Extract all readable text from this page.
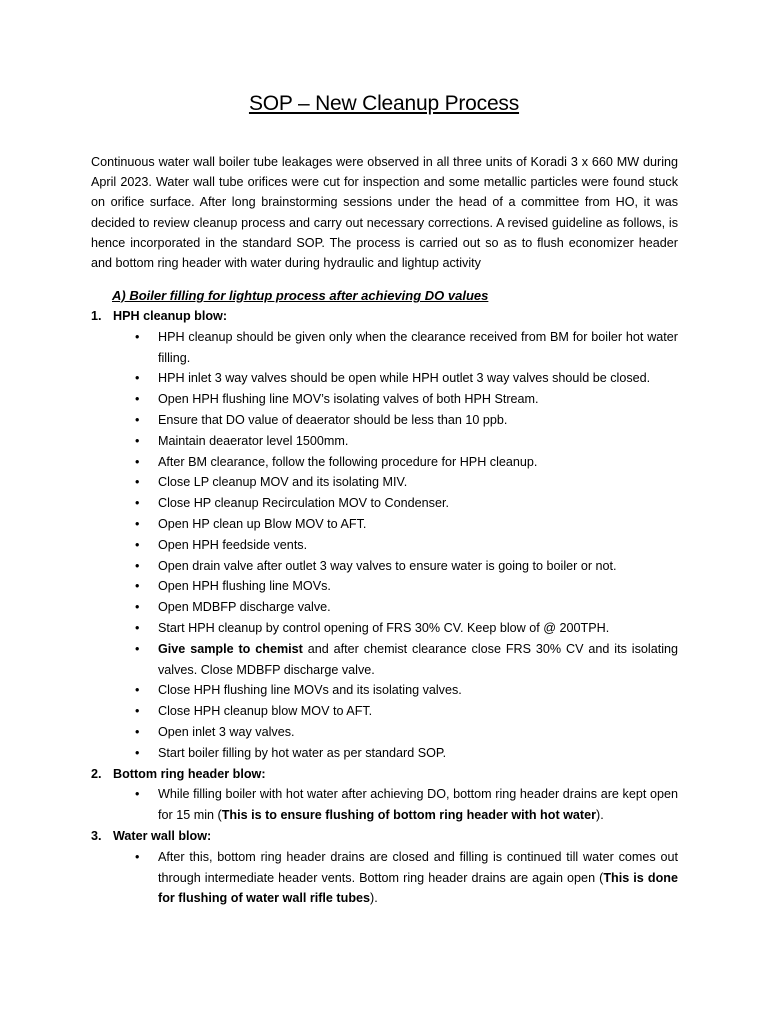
SOP – New Cleanup Process
Continuous water wall boiler tube leakages were observed in all three units of Koradi 3 x 660 MW during April 2023. Water wall tube orifices were cut for inspection and some metallic particles were found stuck on orifice surface. After long brainstorming sessions under the head of a committee from HO, it was decided to review cleanup process and carry out necessary corrections. A revised guideline as follows, is hence incorporated in the standard SOP. The process is carried out so as to flush economizer header and bottom ring header with water during hydraulic and lightup activity
A) Boiler filling for lightup process after achieving DO values
1. HPH cleanup blow:
• HPH cleanup should be given only when the clearance received from BM for boiler hot water filling.
• HPH inlet 3 way valves should be open while HPH outlet 3 way valves should be closed.
• Open HPH flushing line MOV’s isolating valves of both HPH Stream.
• Ensure that DO value of deaerator should be less than 10 ppb.
• Maintain deaerator level 1500mm.
• After BM clearance, follow the following procedure for HPH cleanup.
• Close LP cleanup MOV and its isolating MIV.
• Close HP cleanup Recirculation MOV to Condenser.
• Open HP clean up Blow MOV to AFT.
• Open HPH feedside vents.
• Open drain valve after outlet 3 way valves to ensure water is going to boiler or not.
• Open HPH flushing line MOVs.
• Open MDBFP discharge valve.
• Start HPH cleanup by control opening of FRS 30% CV. Keep blow of @ 200TPH.
• Give sample to chemist and after chemist clearance close FRS 30% CV and its isolating valves. Close MDBFP discharge valve.
• Close HPH flushing line MOVs and its isolating valves.
• Close HPH cleanup blow MOV to AFT.
• Open inlet 3 way valves.
• Start boiler filling by hot water as per standard SOP.
2. Bottom ring header blow:
• While filling boiler with hot water after achieving DO, bottom ring header drains are kept open for 15 min (This is to ensure flushing of bottom ring header with hot water).
3. Water wall blow:
• After this, bottom ring header drains are closed and filling is continued till water comes out through intermediate header vents. Bottom ring header drains are again open (This is done for flushing of water wall rifle tubes).
